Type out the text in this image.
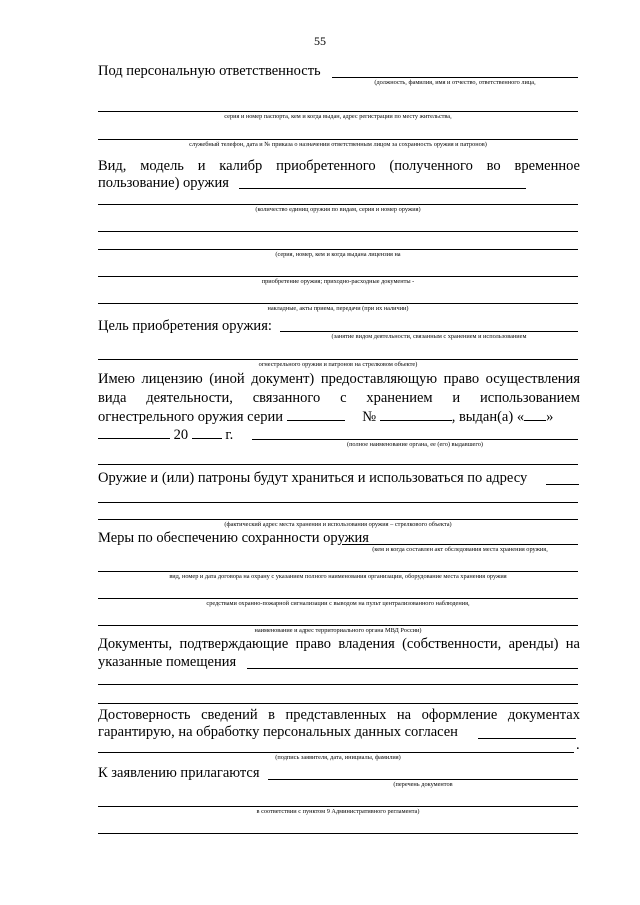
55
Под персональную ответственность
(должность, фамилия, имя и отчество, ответственного лица,
серия и номер паспорта, кем и когда выдан, адрес регистрации по месту жительства,
служебный телефон, дата и № приказа о назначении ответственным лицом за сохранность оружия и патронов)
Вид, модель и калибр приобретенного (полученного во временное
пользование) оружия
(количество единиц оружия по видам, серия и номер оружия)
(серия, номер, кем и когда выдана лицензия на
приобретение оружия; приходно-расходные документы -
накладные, акты приема, передачи (при их наличии)
Цель приобретения оружия:
(занятие видом деятельности, связанным с хранением и использованием
огнестрельного оружия и патронов на стрелковом объекте)
Имею лицензию (иной документ) предоставляющую право осуществления
вида деятельности, связанного с хранением и использованием
огнестрельного оружия серии	№	, выдан(а) « »
20	г.
(полное наименование органа, ее (его) выдавшего)
Оружие и (или) патроны будут храниться и использоваться по адресу
(фактический адрес места хранения и использования оружия – стрелкового объекта)
Меры по обеспечению сохранности оружия
(кем и когда составлен акт обследования места хранения оружия,
вид, номер и дата договора на охрану с указанием полного наименования организации, оборудование места хранения оружия
средствами охранно-пожарной сигнализации с выводом на пульт централизованного наблюдения,
наименование и адрес территориального органа МВД России)
Документы, подтверждающие право владения (собственности, аренды) на
указанные помещения
Достоверность сведений в представленных на оформление документах
гарантирую, на обработку персональных данных согласен
.
(подпись заявителя, дата, инициалы, фамилия)
К заявлению прилагаются
(перечень документов
в соответствии с пунктом 9 Административного регламента)
